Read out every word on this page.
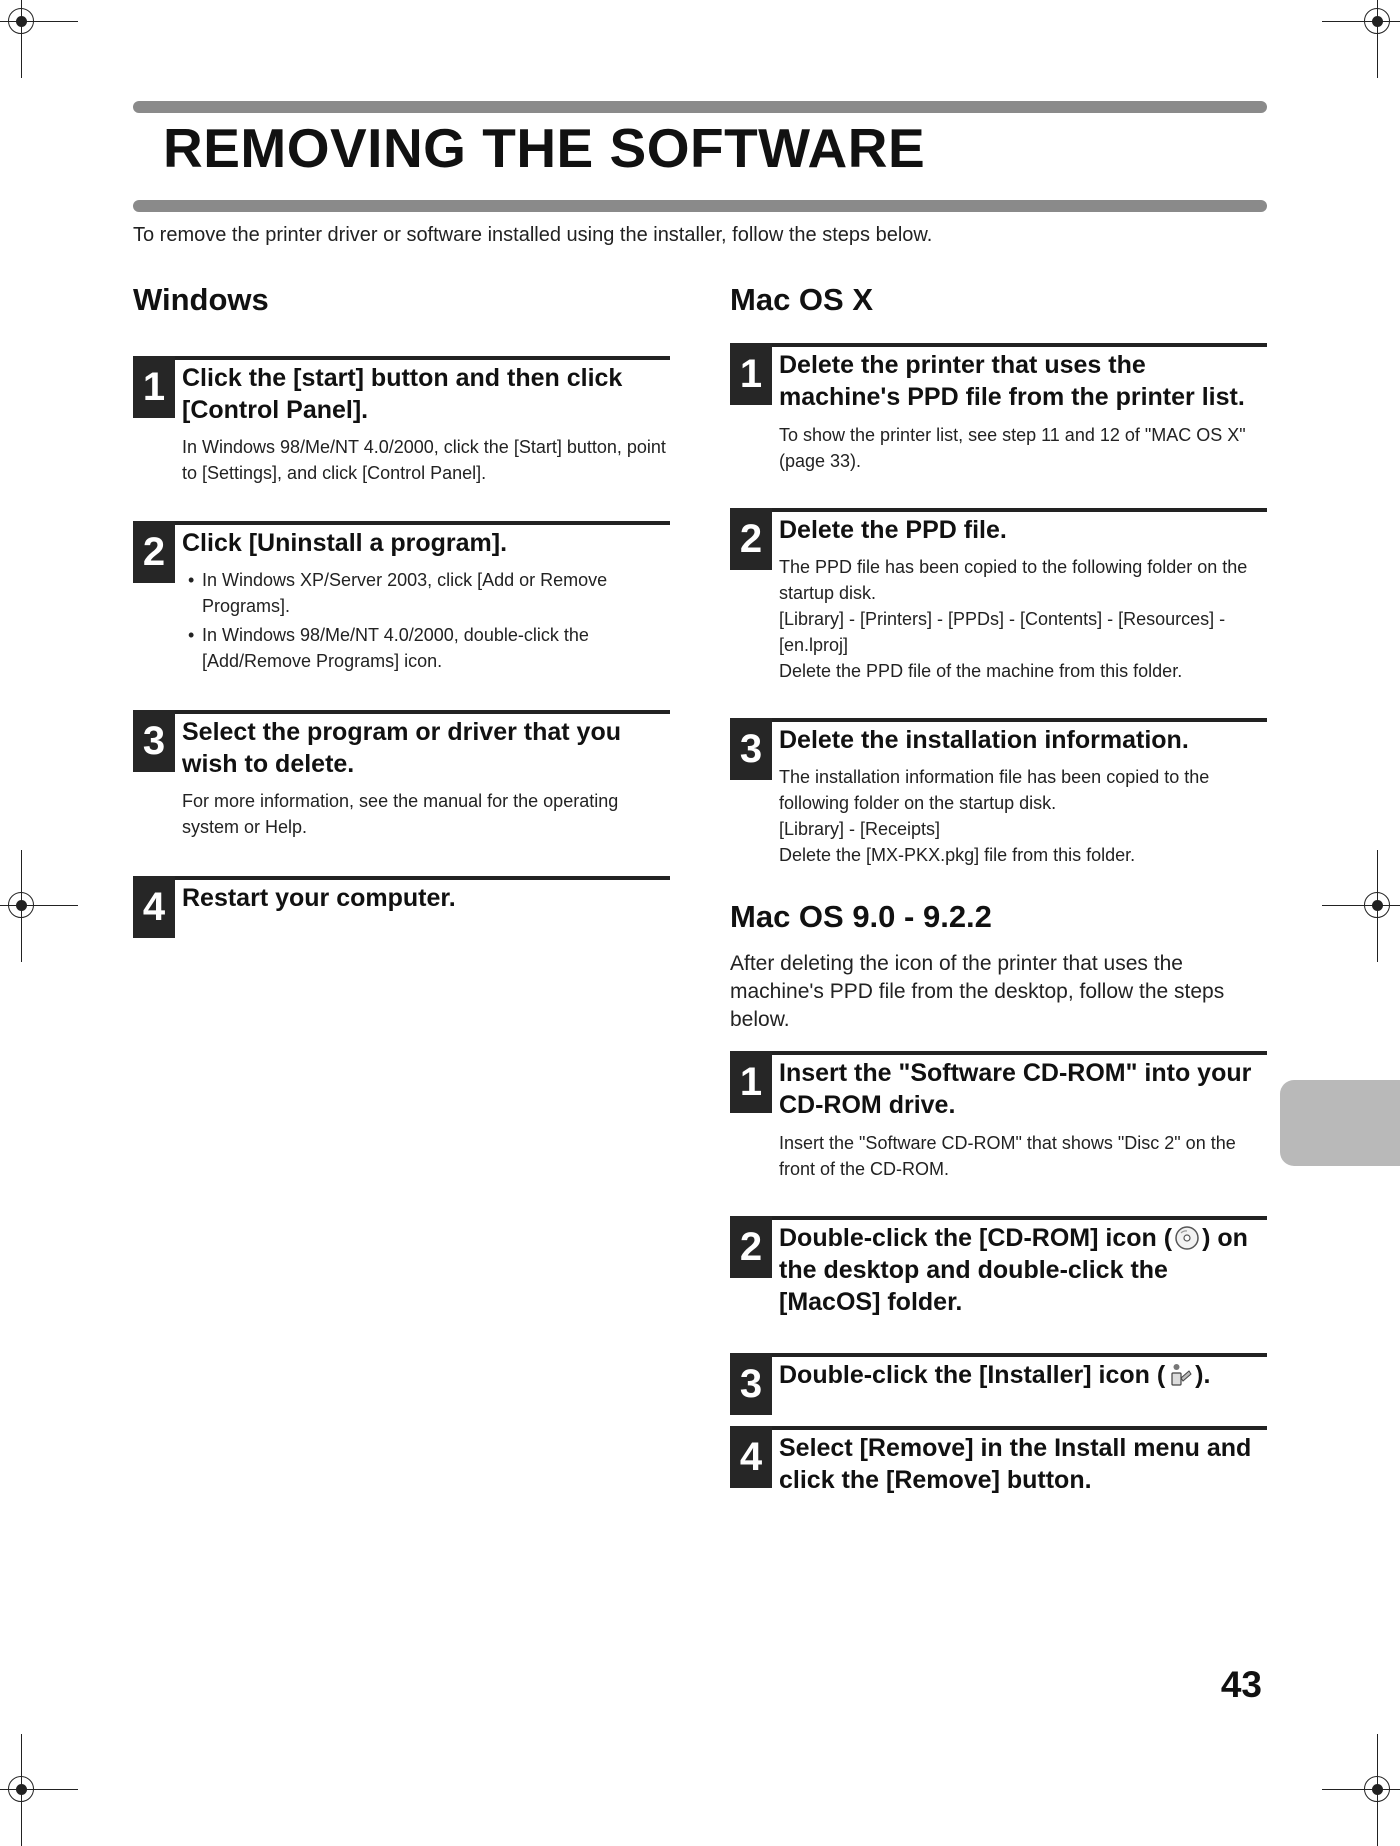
REMOVING THE SOFTWARE
To remove the printer driver or software installed using the installer, follow the steps below.
Windows
1 Click the [start] button and then click [Control Panel].

In Windows 98/Me/NT 4.0/2000, click the [Start] button, point to [Settings], and click [Control Panel].

2 Click [Uninstall a program].
• In Windows XP/Server 2003, click [Add or Remove Programs].
• In Windows 98/Me/NT 4.0/2000, double-click the [Add/Remove Programs] icon.
3 Select the program or driver that you wish to delete.

For more information, see the manual for the operating system or Help.

4 Restart your computer.
Mac OS X
1 Delete the printer that uses the machine's PPD file from the printer list.

To show the printer list, see step 11 and 12 of "MAC OS X" (page 33).

2 Delete the PPD file.

The PPD file has been copied to the following folder on the startup disk.

[Library] - [Printers] - [PPDs] - [Contents] - [Resources] - [en.lproj]

Delete the PPD file of the machine from this folder.

3 Delete the installation information.

The installation information file has been copied to the following folder on the startup disk.

[Library] - [Receipts]

Delete the [MX-PKX.pkg] file from this folder.

Mac OS 9.0 - 9.2.2
After deleting the icon of the printer that uses the machine's PPD file from the desktop, follow the steps below.
1 Insert the "Software CD-ROM" into your CD-ROM drive.

Insert the "Software CD-ROM" that shows "Disc 2" on the front of the CD-ROM.

2 Double-click the [CD-ROM] icon ( ) on the desktop and double-click the [MacOS] folder.
3 Double-click the [Installer] icon ( ).
4 Select [Remove] in the Install menu and click the [Remove] button.
43
